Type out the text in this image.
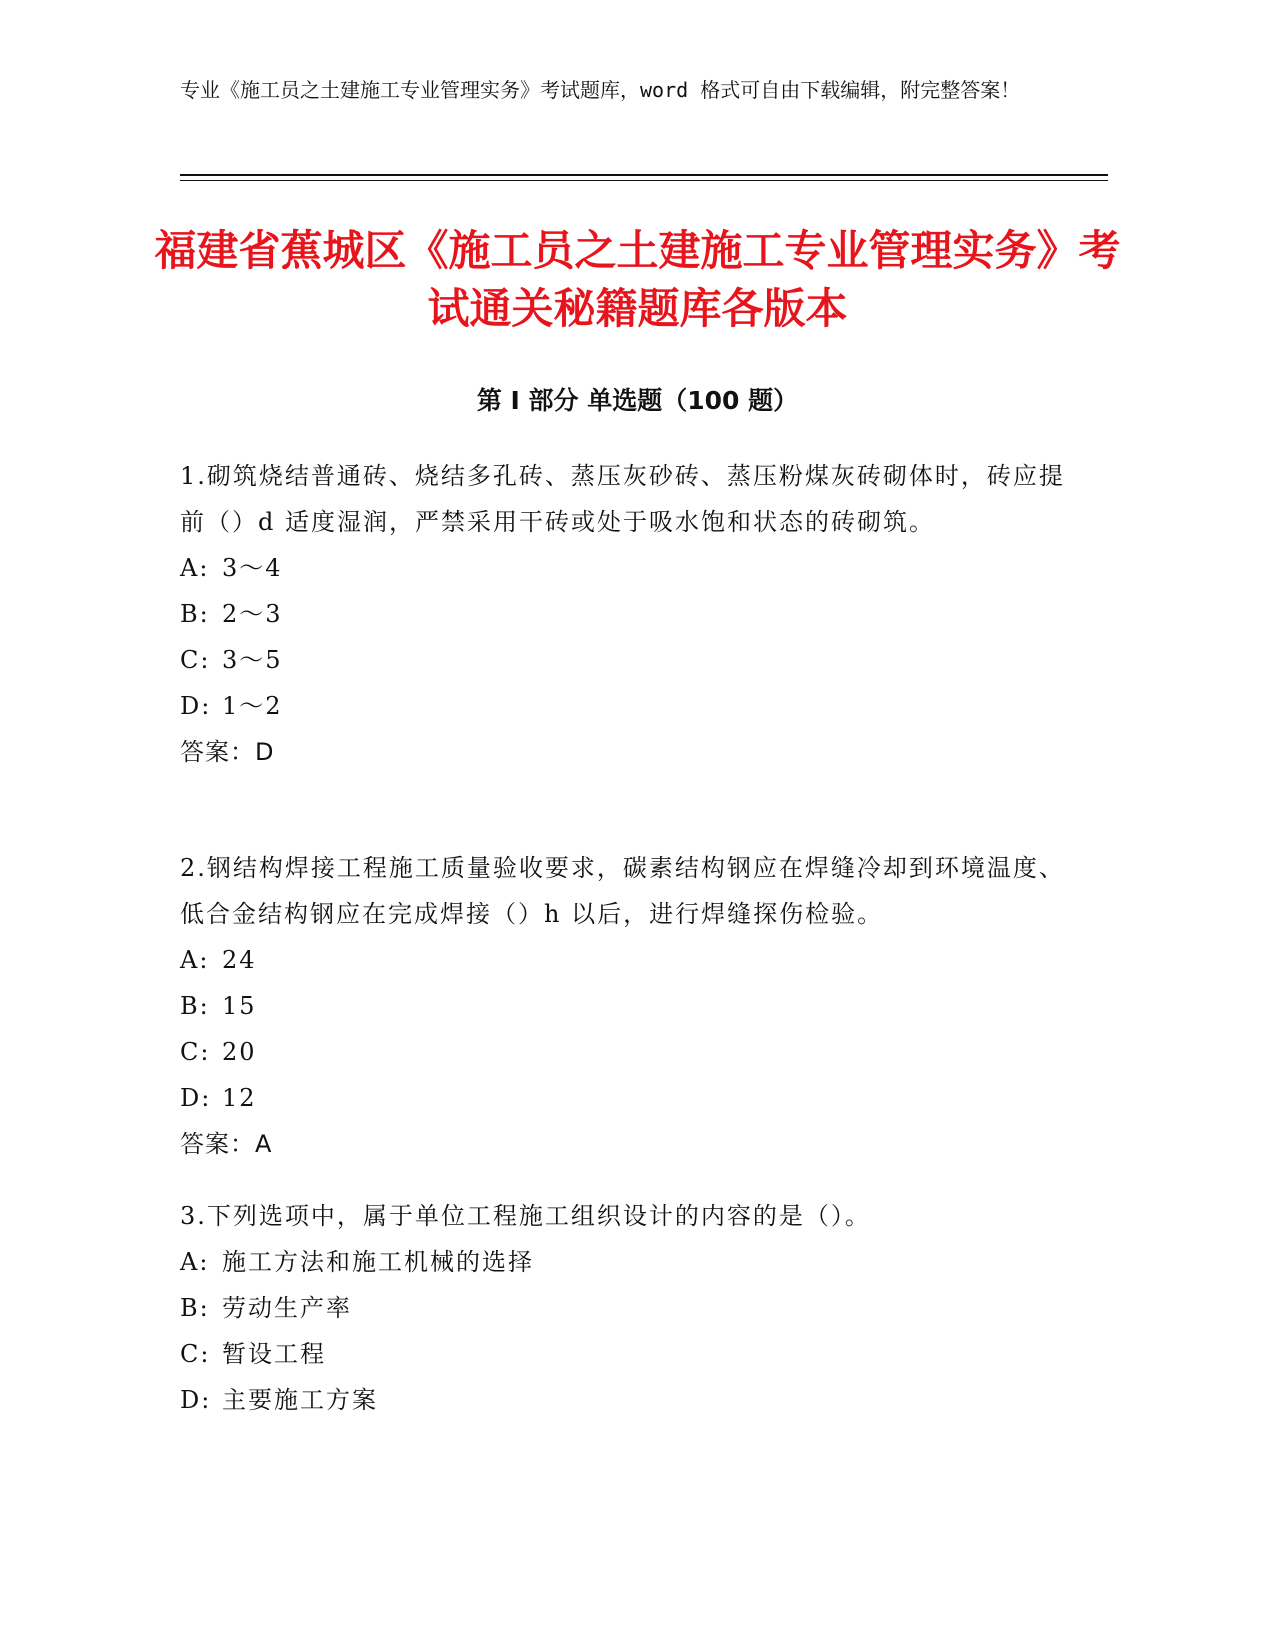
专业《施工员之土建施工专业管理实务》考试题库，word 格式可自由下载编辑，附完整答案！
福建省蕉城区《施工员之土建施工专业管理实务》考试通关秘籍题库各版本
第 I 部分 单选题（100 题）
1.砌筑烧结普通砖、烧结多孔砖、蒸压灰砂砖、蒸压粉煤灰砖砌体时，砖应提前（）d 适度湿润，严禁采用干砖或处于吸水饱和状态的砖砌筑。
A: 3～4
B: 2～3
C: 3～5
D: 1～2
答案：D
2.钢结构焊接工程施工质量验收要求，碳素结构钢应在焊缝冷却到环境温度、低合金结构钢应在完成焊接（）h 以后，进行焊缝探伤检验。
A: 24
B: 15
C: 20
D: 12
答案：A
3.下列选项中，属于单位工程施工组织设计的内容的是（）。
A: 施工方法和施工机械的选择
B: 劳动生产率
C: 暂设工程
D: 主要施工方案
